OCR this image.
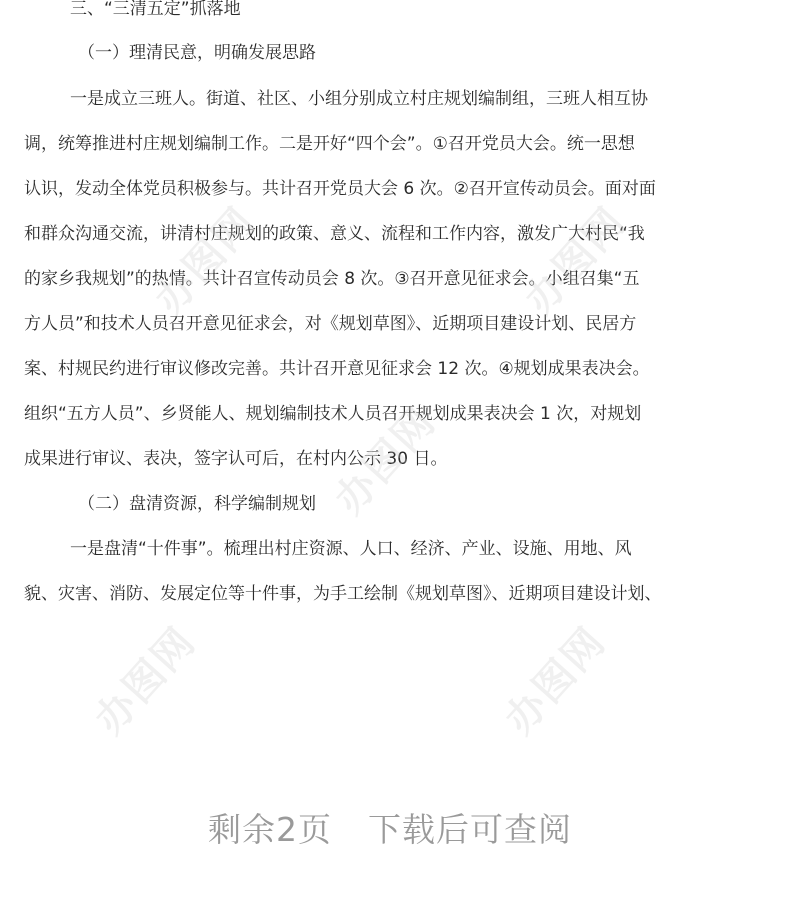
三、“三清五定”抓落地
（一）理清民意，明确发展思路
一是成立三班人。街道、社区、小组分别成立村庄规划编制组，三班人相互协
调，统筹推进村庄规划编制工作。二是开好“四个会”。①召开党员大会。统一思想
认识，发动全体党员积极参与。共计召开党员大会 6 次。②召开宣传动员会。面对面
和群众沟通交流，讲清村庄规划的政策、意义、流程和工作内容，激发广大村民“我
的家乡我规划”的热情。共计召宣传动员会 8 次。③召开意见征求会。小组召集“五
方人员”和技术人员召开意见征求会，对《规划草图》、近期项目建设计划、民居方
案、村规民约进行审议修改完善。共计召开意见征求会 12 次。④规划成果表决会。
组织“五方人员”、乡贤能人、规划编制技术人员召开规划成果表决会 1 次，对规划
成果进行审议、表决，签字认可后，在村内公示 30 日。
（二）盘清资源，科学编制规划
一是盘清“十件事”。梳理出村庄资源、人口、经济、产业、设施、用地、风
貌、灾害、消防、发展定位等十件事，为手工绘制《规划草图》、近期项目建设计划、
办图网	办图网
办图网
办图网	办图网
剩余2页 下载后可查阅
